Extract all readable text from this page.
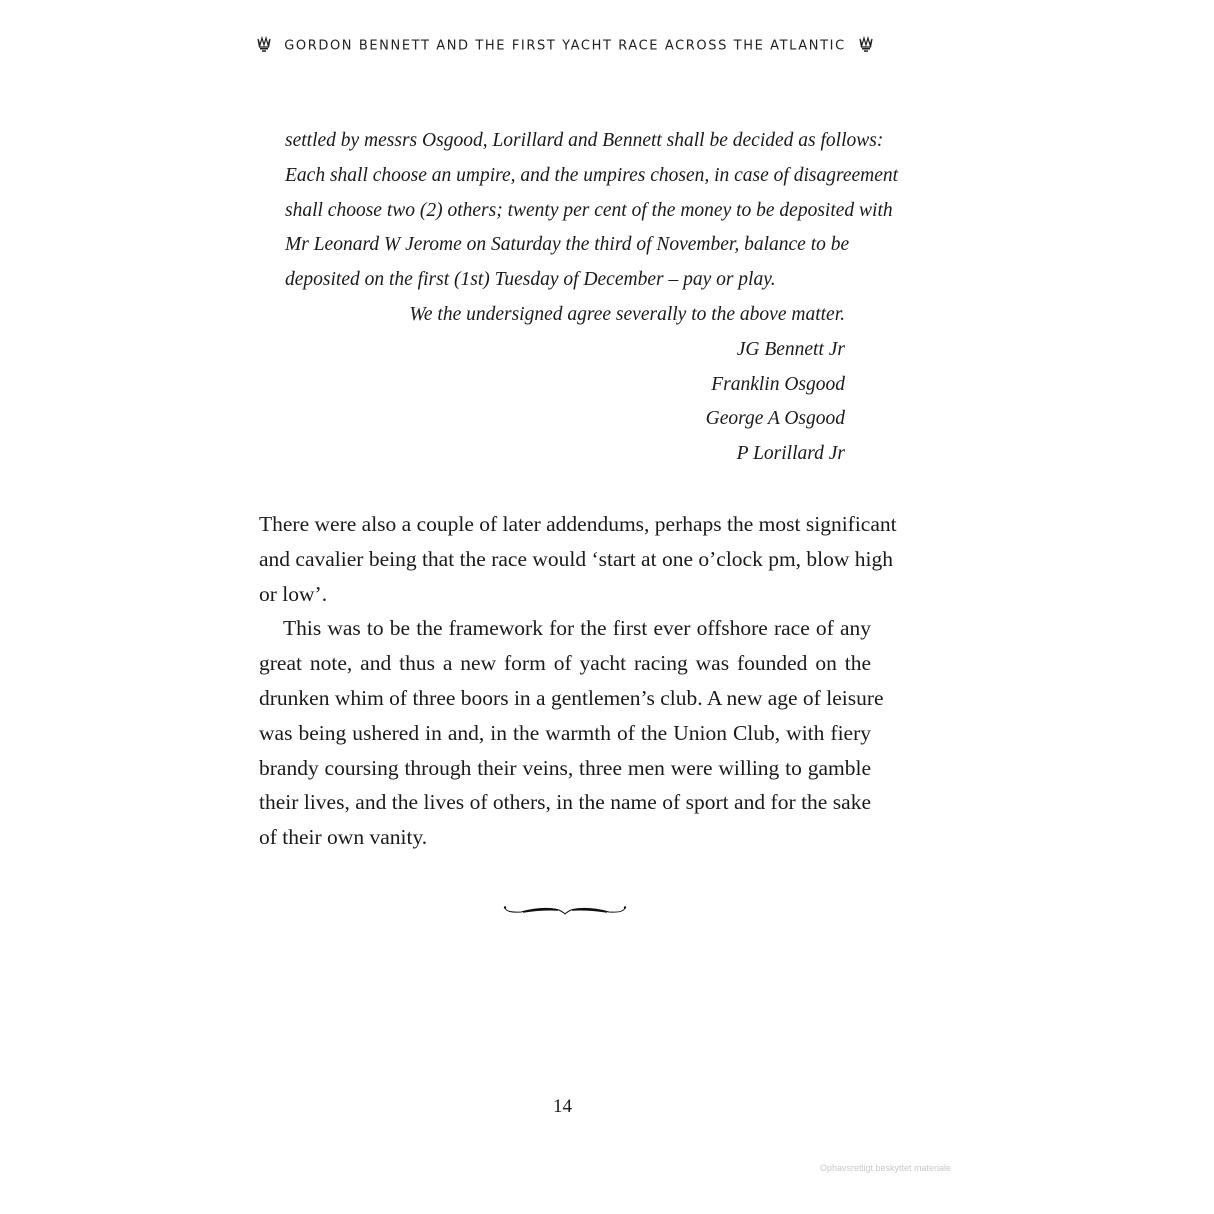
GORDON BENNETT AND THE FIRST YACHT RACE ACROSS THE ATLANTIC
settled by messrs Osgood, Lorillard and Bennett shall be decided as follows:
Each shall choose an umpire, and the umpires chosen, in case of disagreement
shall choose two (2) others; twenty per cent of the money to be deposited with
Mr Leonard W Jerome on Saturday the third of November, balance to be
deposited on the first (1st) Tuesday of December – pay or play.
We the undersigned agree severally to the above matter.
JG Bennett Jr
Franklin Osgood
George A Osgood
P Lorillard Jr
There were also a couple of later addendums, perhaps the most significant
and cavalier being that the race would ‘start at one o’clock pm, blow high
or low’.
This was to be the framework for the first ever offshore race of any
great note, and thus a new form of yacht racing was founded on the
drunken whim of three boors in a gentlemen’s club. A new age of leisure
was being ushered in and, in the warmth of the Union Club, with fiery
brandy coursing through their veins, three men were willing to gamble
their lives, and the lives of others, in the name of sport and for the sake
of their own vanity.
14
Ophavsretligt beskyttet materiale
